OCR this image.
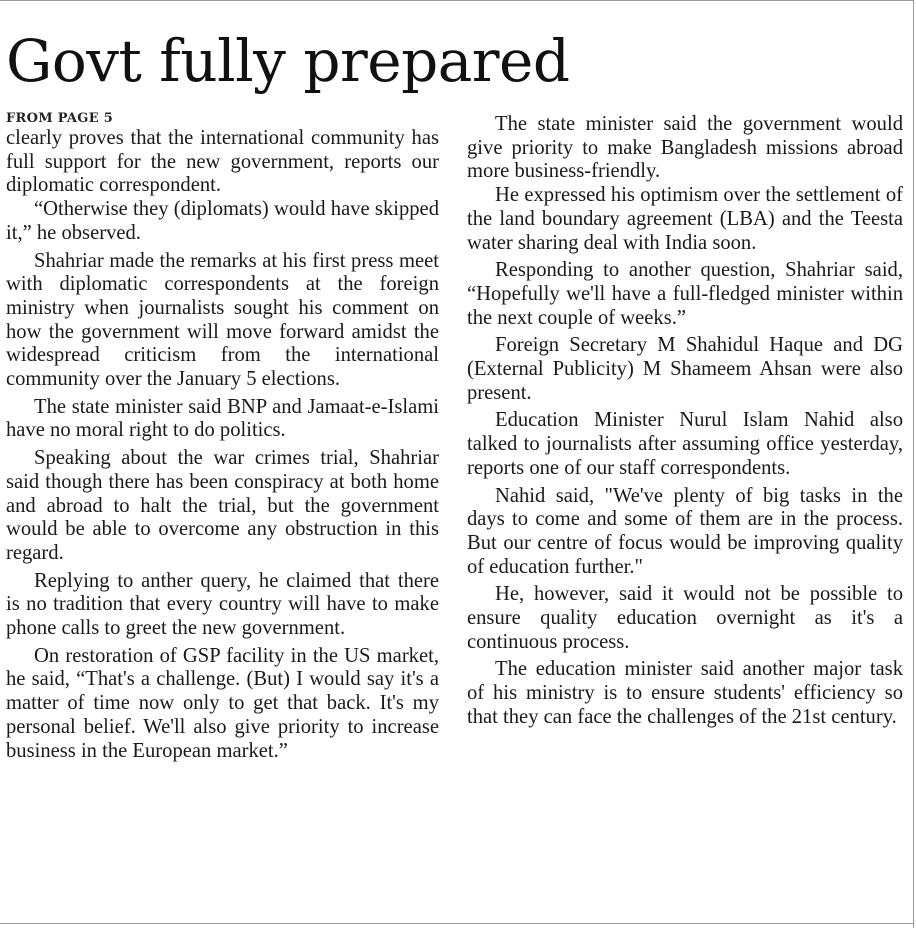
Govt fully prepared
FROM PAGE 5

clearly proves that the international community has full support for the new government, reports our diplomatic correspondent.

“Otherwise they (diplomats) would have skipped it,” he observed.

Shahriar made the remarks at his first press meet with diplomatic correspondents at the foreign ministry when journalists sought his comment on how the government will move forward amidst the widespread criticism from the international community over the January 5 elections.

The state minister said BNP and Jamaat-e-Islami have no moral right to do politics.

Speaking about the war crimes trial, Shahriar said though there has been conspiracy at both home and abroad to halt the trial, but the government would be able to overcome any obstruction in this regard.

Replying to anther query, he claimed that there is no tradition that every country will have to make phone calls to greet the new government.

On restoration of GSP facility in the US market, he said, “That's a challenge. (But) I would say it's a matter of time now only to get that back. It's my personal belief. We'll also give priority to increase business in the European market.”

The state minister said the government would give priority to make Bangladesh missions abroad more business-friendly.

He expressed his optimism over the settlement of the land boundary agreement (LBA) and the Teesta water sharing deal with India soon.

Responding to another question, Shahriar said, “Hopefully we'll have a full-fledged minister within the next couple of weeks.”

Foreign Secretary M Shahidul Haque and DG (External Publicity) M Shameem Ahsan were also present.

Education Minister Nurul Islam Nahid also talked to journalists after assuming office yesterday, reports one of our staff correspondents.

Nahid said, "We've plenty of big tasks in the days to come and some of them are in the process. But our centre of focus would be improving quality of education further."

He, however, said it would not be possible to ensure quality education overnight as it's a continuous process.

The education minister said another major task of his ministry is to ensure students' efficiency so that they can face the challenges of the 21st century.
